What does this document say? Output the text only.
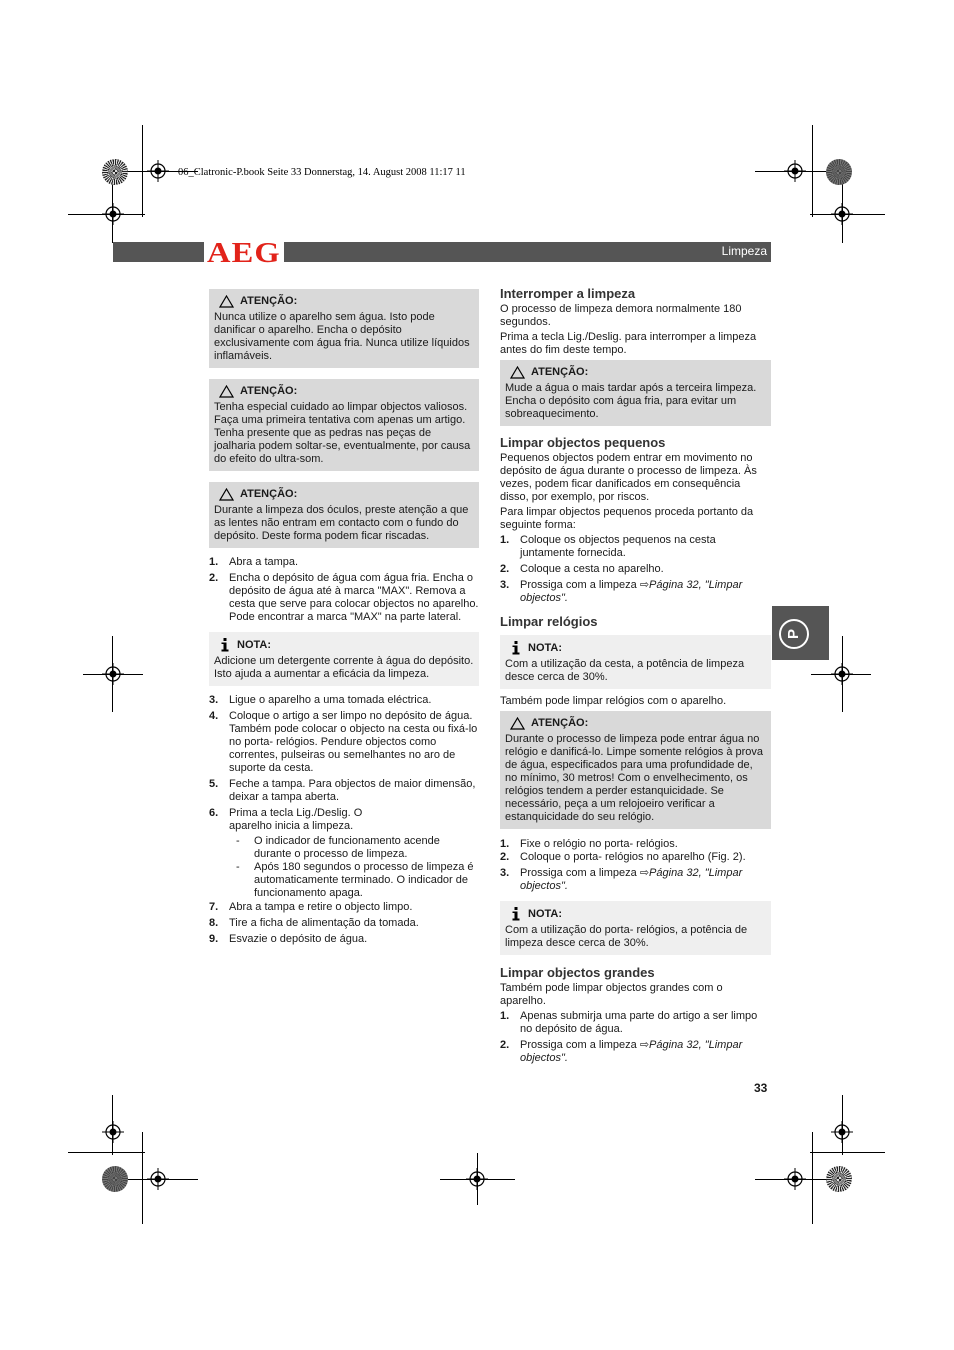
06_Clatronic-P.book Seite 33 Donnerstag, 14. August 2008 11:17 11
AEG	Limpeza
P
ATENÇÃO:
Nunca utilize o aparelho sem água. Isto pode danificar o aparelho. Encha o depósito exclusivamente com água fria. Nunca utilize líquidos inflamáveis.
ATENÇÃO:
Tenha especial cuidado ao limpar objectos valiosos. Faça uma primeira tentativa com apenas um artigo. Tenha presente que as pedras nas peças de joalharia podem soltar-se, eventualmente, por causa do efeito do ultra-som.
ATENÇÃO:
Durante a limpeza dos óculos, preste atenção a que as lentes não entram em contacto com o fundo do depósito. Deste forma podem ficar riscadas.
1. Abra a tampa.
2. Encha o depósito de água com água fria. Encha o depósito de água até à marca "MAX". Remova a cesta que serve para colocar objectos no aparelho. Pode encontrar a marca "MAX" na parte lateral.
NOTA:
Adicione um detergente corrente à água do depósito. Isto ajuda a aumentar a eficácia da limpeza.
3. Ligue o aparelho a uma tomada eléctrica.
4. Coloque o artigo a ser limpo no depósito de água. Também pode colocar o objecto na cesta ou fixá-lo no porta- relógios. Pendure objectos como correntes, pulseiras ou semelhantes no aro de suporte da cesta.
5. Feche a tampa. Para objectos de maior dimensão, deixar a tampa aberta.
6. Prima a tecla Lig./Deslig. O aparelho inicia a limpeza.
-	O indicador de funcionamento acende durante o processo de limpeza.
-	Após 180 segundos o processo de limpeza é automaticamente terminado. O indicador de funcionamento apaga.
7. Abra a tampa e retire o objecto limpo.
8. Tire a ficha de alimentação da tomada.
9. Esvazie o depósito de água.
Interromper a limpeza
O processo de limpeza demora normalmente 180 segundos.
Prima a tecla Lig./Deslig. para interromper a limpeza antes do fim deste tempo.
ATENÇÃO:
Mude a água o mais tardar após a terceira limpeza. Encha o depósito com água fria, para evitar um sobreaquecimento.
Limpar objectos pequenos
Pequenos objectos podem entrar em movimento no depósito de água durante o processo de limpeza. Às vezes, podem ficar danificados em consequência disso, por exemplo, por riscos.
Para limpar objectos pequenos proceda portanto da seguinte forma:
1. Coloque os objectos pequenos na cesta juntamente fornecida.
2. Coloque a cesta no aparelho.
3. Prossiga com a limpeza ⇨Página 32, "Limpar objectos".
Limpar relógios
NOTA:
Com a utilização da cesta, a potência de limpeza desce cerca de 30%.
Também pode limpar relógios com o aparelho.
ATENÇÃO:
Durante o processo de limpeza pode entrar água no relógio e danificá-lo. Limpe somente relógios à prova de água, especificados para uma profundidade de, no mínimo, 30 metros! Com o envelhecimento, os relógios tendem a perder estanquicidade. Se necessário, peça a um relojoeiro verificar a estanquicidade do seu relógio.
1. Fixe o relógio no porta- relógios.
2. Coloque o porta- relógios no aparelho (Fig. 2).
3. Prossiga com a limpeza ⇨Página 32, "Limpar objectos".
NOTA:
Com a utilização do porta- relógios, a potência de limpeza desce cerca de 30%.
Limpar objectos grandes
Também pode limpar objectos grandes com o aparelho.
1. Apenas submirja uma parte do artigo a ser limpo no depósito de água.
2. Prossiga com a limpeza ⇨Página 32, "Limpar objectos".
33
